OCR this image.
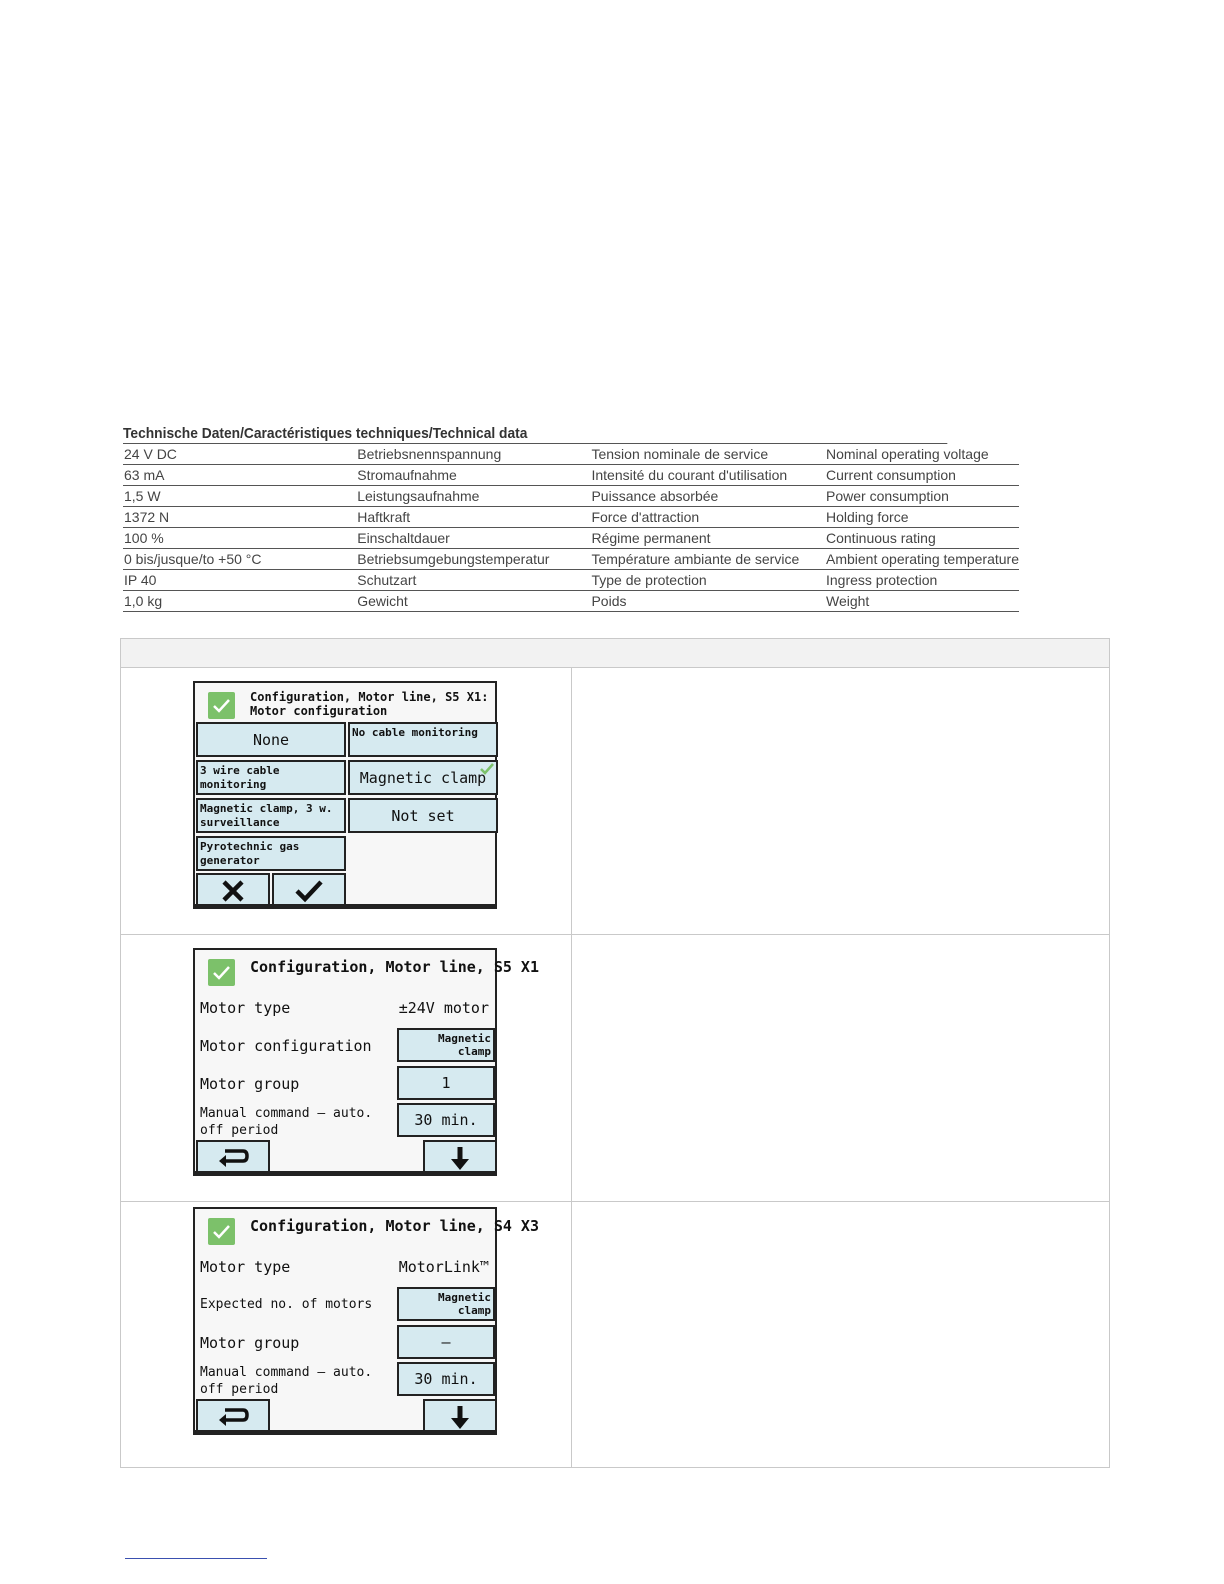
Technische Daten/Caractéristiques techniques/Technical data
24 V DC	Betriebsnennspannung	Tension nominale de service	Nominal operating voltage
63 mA	Stromaufnahme	Intensité du courant d'utilisation	Current consumption
1,5 W	Leistungsaufnahme	Puissance absorbée	Power consumption
1372 N	Haftkraft	Force d'attraction	Holding force
100 %	Einschaltdauer	Régime permanent	Continuous rating
0 bis/jusque/to +50 °C	Betriebsumgebungstemperatur	Température ambiante de service	Ambient operating temperature
IP 40	Schutzart	Type de protection	Ingress protection
1,0 kg	Gewicht	Poids	Weight
Configuration, Motor line, S5 X1: Motor configuration
None	No cable monitoring
3 wire cable monitoring	Magnetic clamp
Magnetic clamp, 3 w. surveillance	Not set
Pyrotechnic gas generator
Configuration, Motor line, S5 X1
Motor type	±24V motor
Motor configuration	Magnetic clamp
Motor group	1
Manual command – auto. off period
30 min.
Configuration, Motor line, S4 X3
Motor type	MotorLink™
Expected no. of motors	Magnetic clamp
Motor group	–
Manual command – auto. off period
30 min.
